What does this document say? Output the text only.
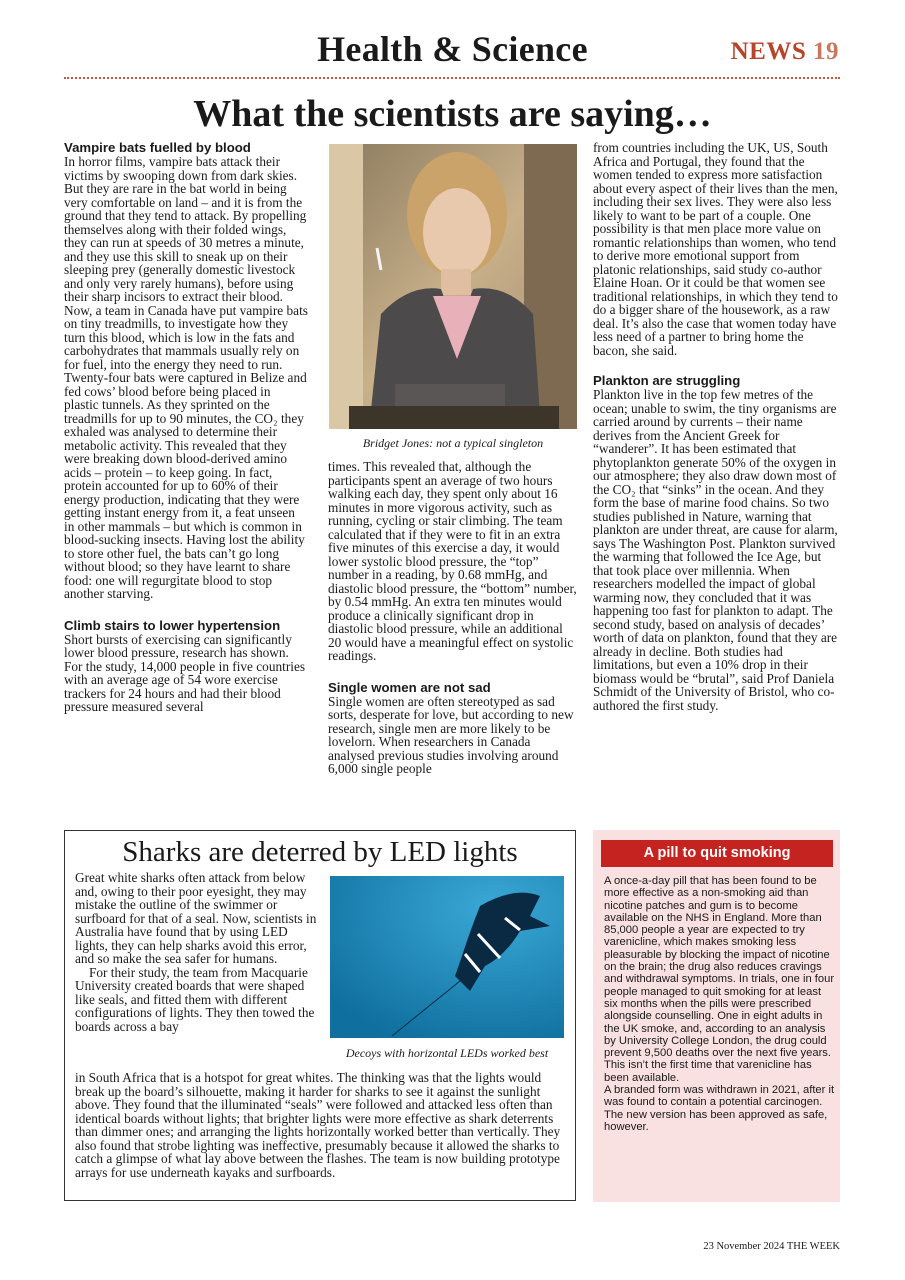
Health & Science	NEWS 19
What the scientists are saying…
Vampire bats fuelled by blood

In horror films, vampire bats attack their victims by swooping down from dark skies. But they are rare in the bat world in being very comfortable on land – and it is from the ground that they tend to attack. By propelling themselves along with their folded wings, they can run at speeds of 30 metres a minute, and they use this skill to sneak up on their sleeping prey (generally domestic livestock and only very rarely humans), before using their sharp incisors to extract their blood. Now, a team in Canada have put vampire bats on tiny treadmills, to investigate how they turn this blood, which is low in the fats and carbohydrates that mammals usually rely on for fuel, into the energy they need to run. Twenty-four bats were captured in Belize and fed cows’ blood before being placed in plastic tunnels. As they sprinted on the treadmills for up to 90 minutes, the CO₂ they exhaled was analysed to determine their metabolic activity. This revealed that they were breaking down blood-derived amino acids – protein – to keep going. In fact, protein accounted for up to 60% of their energy production, indicating that they were getting instant energy from it, a feat unseen in other mammals – but which is common in blood-sucking insects. Having lost the ability to store other fuel, the bats can’t go long without blood; so they have learnt to share food: one will regurgitate blood to stop another starving.

Climb stairs to lower hypertension

Short bursts of exercising can significantly lower blood pressure, research has shown. For the study, 14,000 people in five countries with an average age of 54 wore exercise trackers for 24 hours and had their blood pressure measured several

Bridget Jones: not a typical singleton

times. This revealed that, although the participants spent an average of two hours walking each day, they spent only about 16 minutes in more vigorous activity, such as running, cycling or stair climbing. The team calculated that if they were to fit in an extra five minutes of this exercise a day, it would lower systolic blood pressure, the “top” number in a reading, by 0.68 mmHg, and diastolic blood pressure, the “bottom” number, by 0.54 mmHg. An extra ten minutes would produce a clinically significant drop in diastolic blood pressure, while an additional 20 would have a meaningful effect on systolic readings.

Single women are not sad

Single women are often stereotyped as sad sorts, desperate for love, but according to new research, single men are more likely to be lovelorn. When researchers in Canada analysed previous studies involving around 6,000 single people

from countries including the UK, US, South Africa and Portugal, they found that the women tended to express more satisfaction about every aspect of their lives than the men, including their sex lives. They were also less likely to want to be part of a couple. One possibility is that men place more value on romantic relationships than women, who tend to derive more emotional support from platonic relationships, said study co-author Elaine Hoan. Or it could be that women see traditional relationships, in which they tend to do a bigger share of the housework, as a raw deal. It’s also the case that women today have less need of a partner to bring home the bacon, she said.

Plankton are struggling

Plankton live in the top few metres of the ocean; unable to swim, the tiny organisms are carried around by currents – their name derives from the Ancient Greek for “wanderer”. It has been estimated that phytoplankton generate 50% of the oxygen in our atmosphere; they also draw down most of the CO₂ that “sinks” in the ocean. And they form the base of marine food chains. So two studies published in Nature, warning that plankton are under threat, are cause for alarm, says The Washington Post. Plankton survived the warming that followed the Ice Age, but that took place over millennia. When researchers modelled the impact of global warming now, they concluded that it was happening too fast for plankton to adapt. The second study, based on analysis of decades’ worth of data on plankton, found that they are already in decline. Both studies had limitations, but even a 10% drop in their biomass would be “brutal”, said Prof Daniela Schmidt of the University of Bristol, who co-authored the first study.

Sharks are deterred by LED lights
Decoys with horizontal LEDs worked best

Great white sharks often attack from below and, owing to their poor eyesight, they may mistake the outline of the swimmer or surfboard for that of a seal. Now, scientists in Australia have found that by using LED lights, they can help sharks avoid this error, and so make the sea safer for humans.

For their study, the team from Macquarie University created boards that were shaped like seals, and fitted them with different configurations of lights. They then towed the boards across a bay

in South Africa that is a hotspot for great whites. The thinking was that the lights would break up the board’s silhouette, making it harder for sharks to see it against the sunlight above. They found that the illuminated “seals” were followed and attacked less often than identical boards without lights; that brighter lights were more effective as shark deterrents than dimmer ones; and arranging the lights horizontally worked better than vertically. They also found that strobe lighting was ineffective, presumably because it allowed the sharks to catch a glimpse of what lay above between the flashes. The team is now building prototype arrays for use underneath kayaks and surfboards.

A pill to quit smoking

A once-a-day pill that has been found to be more effective as a non-smoking aid than nicotine patches and gum is to become available on the NHS in England. More than 85,000 people a year are expected to try varenicline, which makes smoking less pleasurable by blocking the impact of nicotine on the brain; the drug also reduces cravings and withdrawal symptoms. In trials, one in four people managed to quit smoking for at least six months when the pills were prescribed alongside counselling. One in eight adults in the UK smoke, and, according to an analysis by University College London, the drug could prevent 9,500 deaths over the next five years. This isn’t the first time that varenicline has been available.

A branded form was withdrawn in 2021, after it was found to contain a potential carcinogen. The new version has been approved as safe, however.

23 November 2024 THE WEEK
